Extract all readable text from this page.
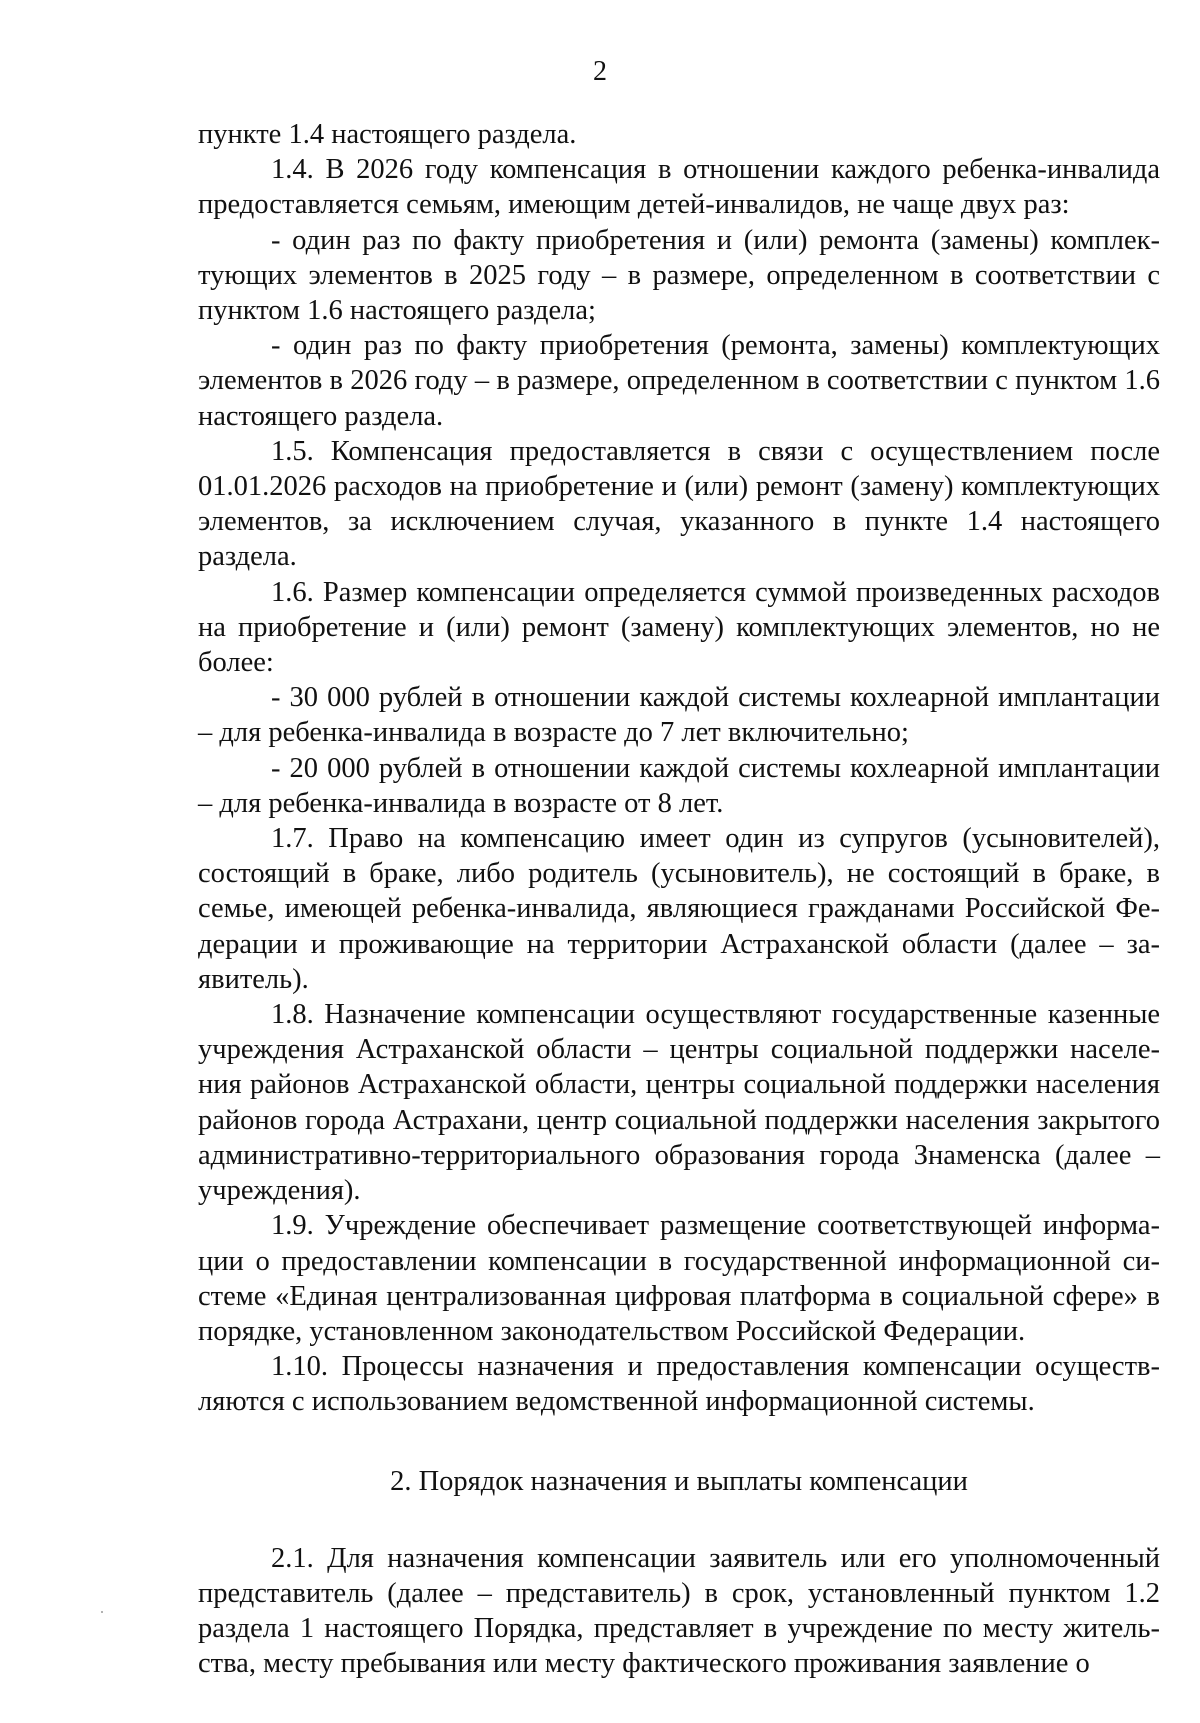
2

пункте 1.4 настоящего раздела.

1.4. В 2026 году компенсация в отношении каждого ребенка-инвалида предоставляется семьям, имеющим детей-инвалидов, не чаще двух раз:

- один раз по факту приобретения и (или) ремонта (замены) комплектующих элементов в 2025 году – в размере, определенном в соответствии с пунктом 1.6 настоящего раздела;

- один раз по факту приобретения (ремонта, замены) комплектующих элементов в 2026 году – в размере, определенном в соответствии с пунктом 1.6 настоящего раздела.

1.5. Компенсация предоставляется в связи с осуществлением после 01.01.2026 расходов на приобретение и (или) ремонт (замену) комплектующих элементов, за исключением случая, указанного в пункте 1.4 настоящего раздела.

1.6. Размер компенсации определяется суммой произведенных расходов на приобретение и (или) ремонт (замену) комплектующих элементов, но не более:

- 30 000 рублей в отношении каждой системы кохлеарной имплантации – для ребенка-инвалида в возрасте до 7 лет включительно;

- 20 000 рублей в отношении каждой системы кохлеарной имплантации – для ребенка-инвалида в возрасте от 8 лет.

1.7. Право на компенсацию имеет один из супругов (усыновителей), состоящий в браке, либо родитель (усыновитель), не состоящий в браке, в семье, имеющей ребенка-инвалида, являющиеся гражданами Российской Федерации и проживающие на территории Астраханской области (далее – заявитель).

1.8. Назначение компенсации осуществляют государственные казенные учреждения Астраханской области – центры социальной поддержки населения районов Астраханской области, центры социальной поддержки населения районов города Астрахани, центр социальной поддержки населения закрытого административно-территориального образования города Знаменска (далее – учреждения).

1.9. Учреждение обеспечивает размещение соответствующей информации о предоставлении компенсации в государственной информационной системе «Единая централизованная цифровая платформа в социальной сфере» в порядке, установленном законодательством Российской Федерации.

1.10. Процессы назначения и предоставления компенсации осуществляются с использованием ведомственной информационной системы.

2. Порядок назначения и выплаты компенсации

2.1. Для назначения компенсации заявитель или его уполномоченный представитель (далее – представитель) в срок, установленный пунктом 1.2 раздела 1 настоящего Порядка, представляет в учреждение по месту жительства, месту пребывания или месту фактического проживания заявление о
